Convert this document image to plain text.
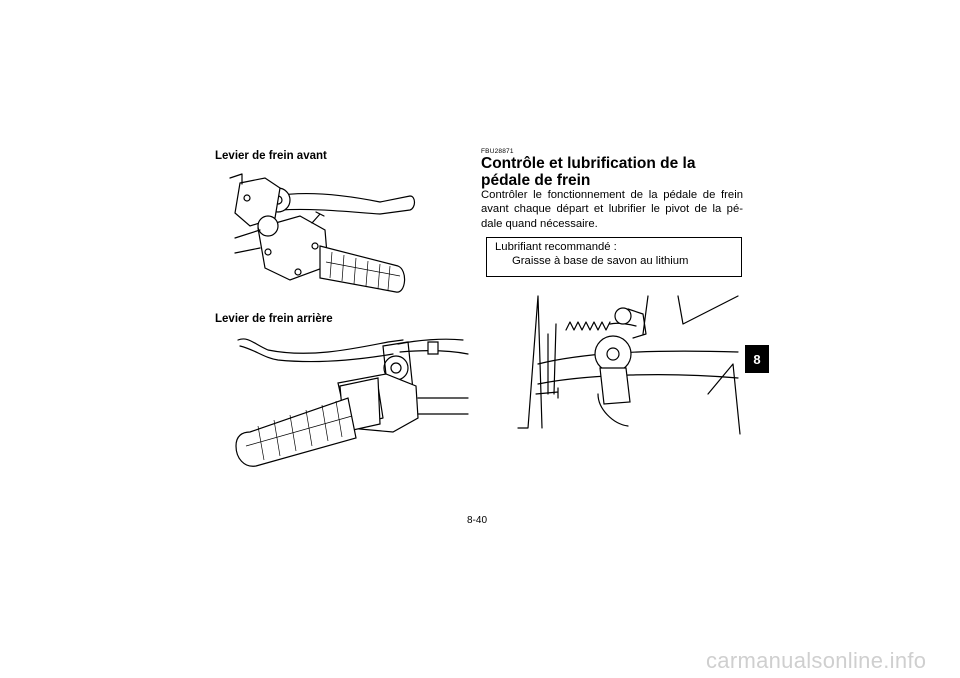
Levier de frein avant
Levier de frein arrière
FBU28871
Contrôle et lubrification de la pédale de frein
Contrôler le fonctionnement de la pédale de frein avant chaque départ et lubrifier le pivot de la pé-dale quand nécessaire.
Lubrifiant recommandé :
Graisse à base de savon au lithium
8
8-40
carmanualsonline.info
